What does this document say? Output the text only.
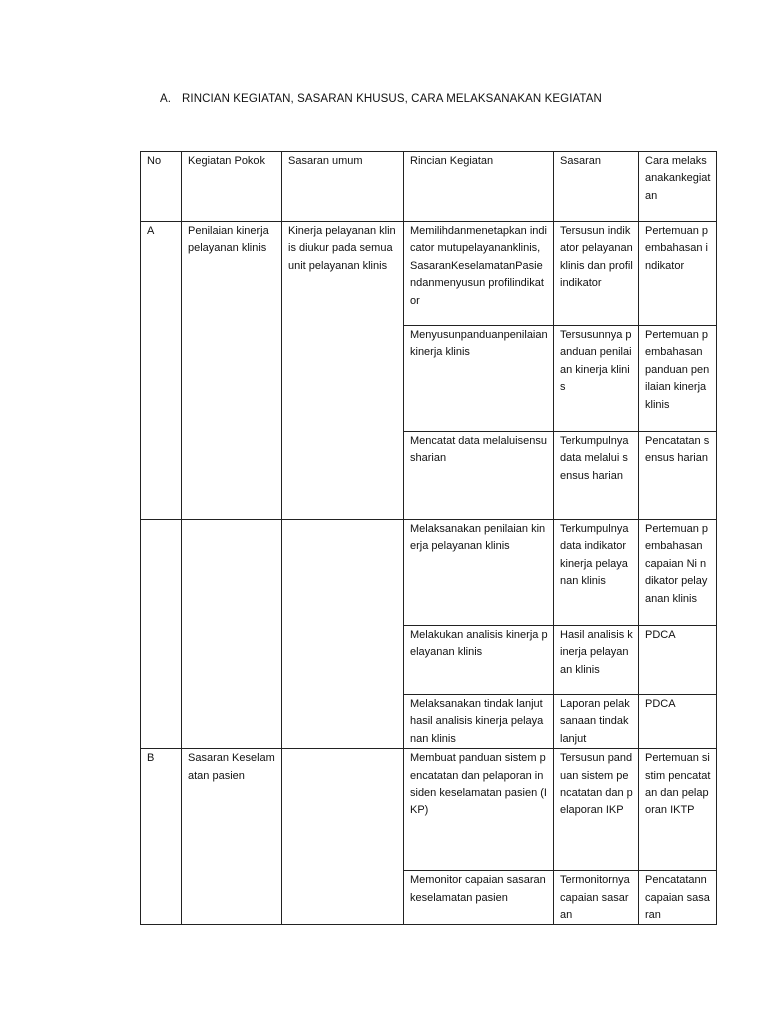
A. RINCIAN KEGIATAN, SASARAN KHUSUS, CARA MELAKSANAKAN KEGIATAN
No	Kegiatan Pokok	Sasaran umum	Rincian Kegiatan	Sasaran	Cara melaksanakankegiatan
A	Penilaian kinerja pelayanan klinis	Kinerja pelayanan klinis diukur pada semua unit pelayanan klinis	Memilihdanmenetapkan indicator mutupelayananklinis, SasaranKeselamatanPasiendanmenyusun profilindikator	Tersusun indikator pelayanan klinis dan profil indikator	Pertemuan pembahasan indikator
			Menyusunpanduanpenilaian kinerja klinis	Tersusunnya panduan penilaian kinerja klinis	Pertemuan pembahasan panduan penilaian kinerja klinis
			Mencatat data melaluisensusharian	Terkumpulnya data melalui sensus harian	Pencatatan sensus harian
			Melaksanakan penilaian kinerja pelayanan klinis	Terkumpulnya data indikator kinerja pelayanan klinis	Pertemuan pembahasan capaian Ni ndikator pelayanan klinis
			Melakukan analisis kinerja pelayanan klinis	Hasil analisis kinerja pelayanan klinis	PDCA
			Melaksanakan tindak lanjut hasil analisis kinerja pelayanan klinis	Laporan pelaksanaan tindak lanjut	PDCA
B	Sasaran Keselamatan pasien		Membuat panduan sistem pencatatan dan pelaporan insiden keselamatan pasien (IKP)	Tersusun panduan sistem pencatatan dan pelaporan IKP	Pertemuan sistim pencatatan dan pelaporan IKTP
			Memonitor capaian sasaran keselamatan pasien	Termonitornya capaian sasaran	Pencatatann capaian sasaran
